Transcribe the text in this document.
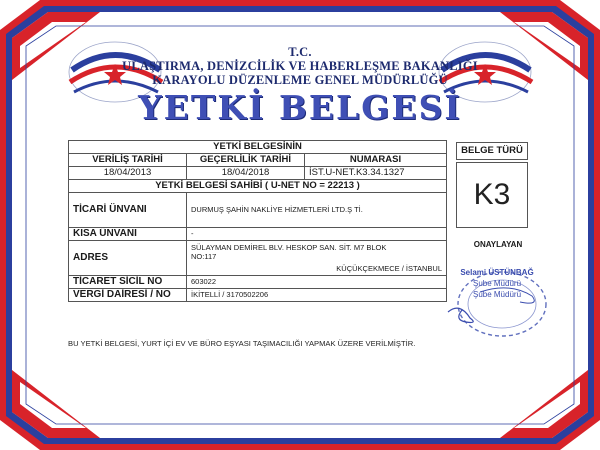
T.C.
ULAŞTIRMA, DENİZCİLİK VE HABERLEŞME BAKANLIĞI
KARAYOLU DÜZENLEME GENEL MÜDÜRLÜĞÜ
YETKİ BELGESİ
YETKİ BELGESİNİN		
VERİLİŞ TARİHİ	GEÇERLİLİK TARİHİ	NUMARASI
18/04/2013	18/04/2018	İST.U-NET.K3.34.1327
YETKİ BELGESİ SAHİBİ ( U-NET NO = 22213 )		
TİCARİ ÜNVANI	DURMUŞ ŞAHİN NAKLİYE HİZMETLERİ LTD.Ş Tİ.	
KISA ÜNVANI	-	
ADRES	SÜLAYMAN DEMİREL BLV. HESKOP SAN. SİT. M7 BLOK NO:117
KÜÇÜKÇEKMECE / İSTANBUL	

TİCARET SİCİL NO	603022	
VERGİ DAİRESİ / NO	İKİTELLİ / 3170502206	
BELGE TÜRÜ
K3
ONAYLAYAN
Selami ÜSTÜNBAĞ
Şube Müdürü
Şube Müdürü
BU YETKİ BELGESİ, YURT İÇİ EV VE BÜRO EŞYASI TAŞIMACILIĞI YAPMAK ÜZERE VERİLMİŞTİR.
